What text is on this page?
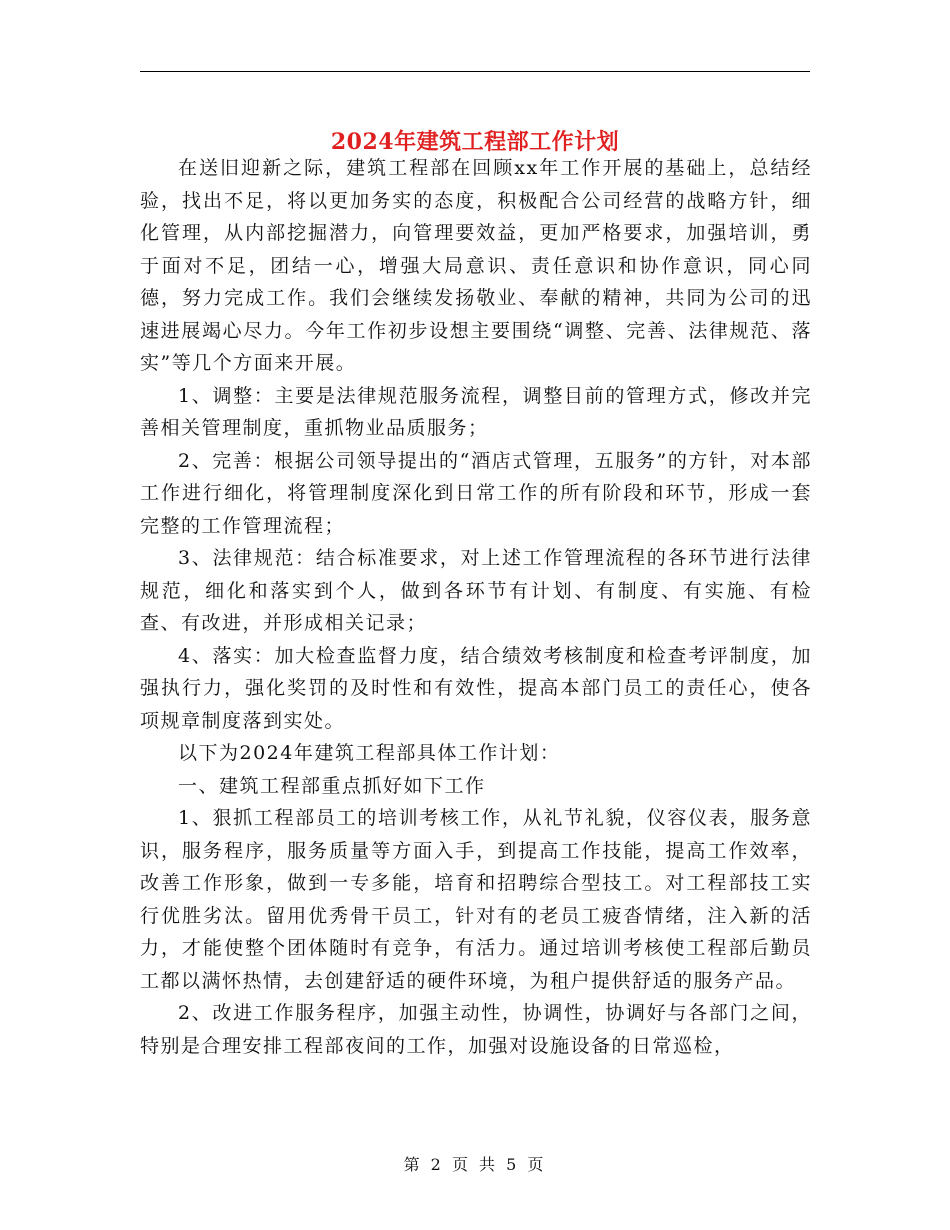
2024年建筑工程部工作计划

在送旧迎新之际，建筑工程部在回顾xx年工作开展的基础上，总结经验，找出不足，将以更加务实的态度，积极配合公司经营的战略方针，细化管理，从内部挖掘潜力，向管理要效益，更加严格要求，加强培训，勇于面对不足，团结一心，增强大局意识、责任意识和协作意识，同心同德，努力完成工作。我们会继续发扬敬业、奉献的精神，共同为公司的迅速进展竭心尽力。今年工作初步设想主要围绕“调整、完善、法律规范、落实”等几个方面来开展。

1、调整：主要是法律规范服务流程，调整目前的管理方式，修改并完善相关管理制度，重抓物业品质服务；

2、完善：根据公司领导提出的“酒店式管理，五服务”的方针，对本部工作进行细化，将管理制度深化到日常工作的所有阶段和环节，形成一套完整的工作管理流程；

3、法律规范：结合标准要求，对上述工作管理流程的各环节进行法律规范，细化和落实到个人，做到各环节有计划、有制度、有实施、有检查、有改进，并形成相关记录；

4、落实：加大检查监督力度，结合绩效考核制度和检查考评制度，加强执行力，强化奖罚的及时性和有效性，提高本部门员工的责任心，使各项规章制度落到实处。

以下为2024年建筑工程部具体工作计划：

一、建筑工程部重点抓好如下工作

1、狠抓工程部员工的培训考核工作，从礼节礼貌，仪容仪表，服务意识，服务程序，服务质量等方面入手，到提高工作技能，提高工作效率，改善工作形象，做到一专多能，培育和招聘综合型技工。对工程部技工实行优胜劣汰。留用优秀骨干员工，针对有的老员工疲沓情绪，注入新的活力，才能使整个团体随时有竞争，有活力。通过培训考核使工程部后勤员工都以满怀热情，去创建舒适的硬件环境，为租户提供舒适的服务产品。

2、改进工作服务程序，加强主动性，协调性，协调好与各部门之间，特别是合理安排工程部夜间的工作，加强对设施设备的日常巡检，

第 2 页 共 5 页
